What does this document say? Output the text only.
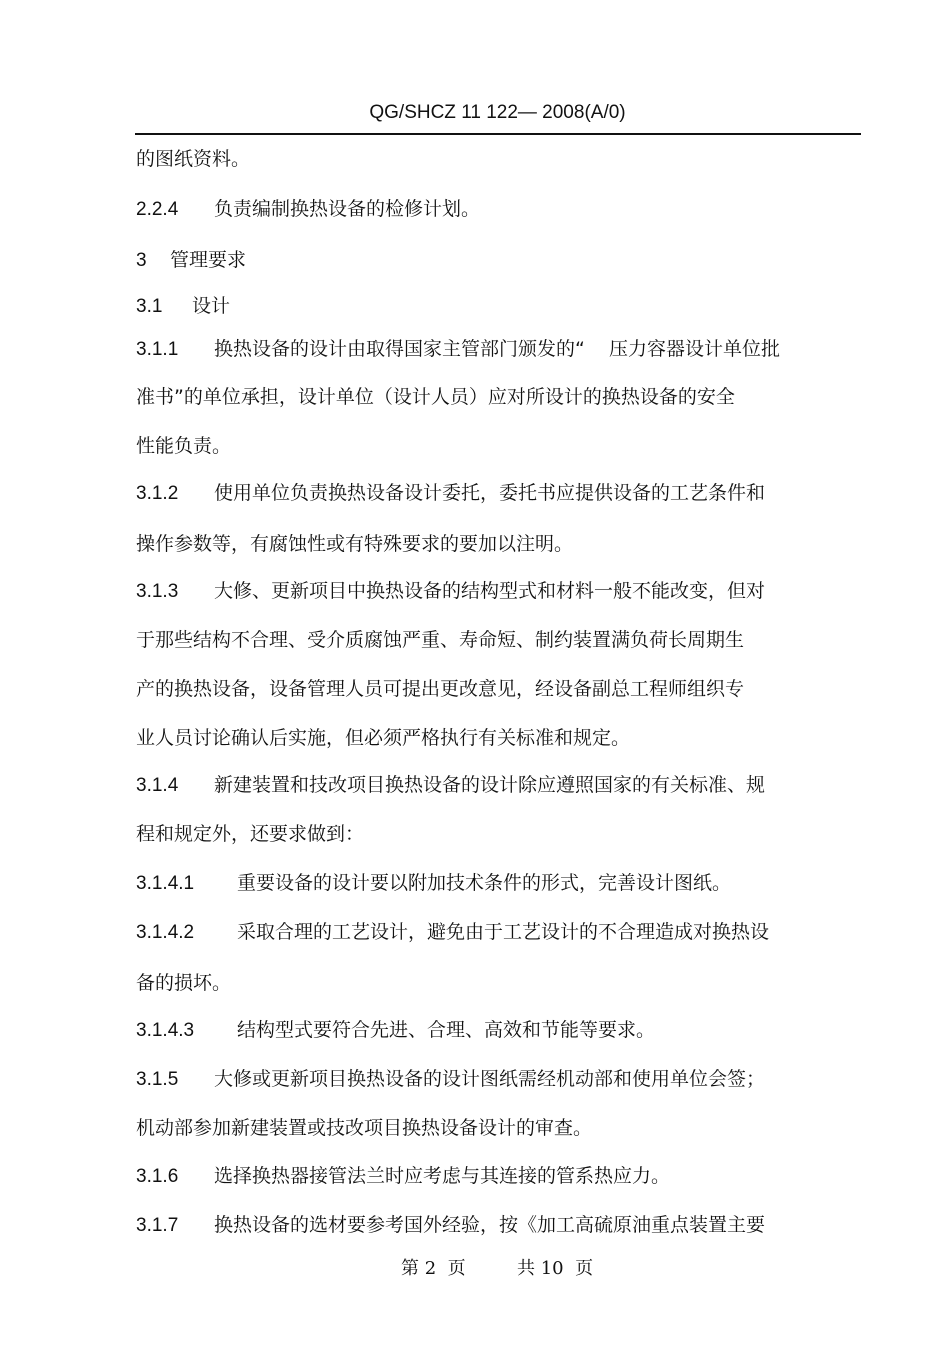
QG/SHCZ 11 122— 2008(A/0)
的图纸资料。
2.2.4 负责编制换热设备的检修计划。
3 管理要求
3.1 设计
3.1.1 换热设备的设计由取得国家主管部门颁发的“    压力容器设计单位批
准书”的单位承担，设计单位（设计人员）应对所设计的换热设备的安全
性能负责。
3.1.2 使用单位负责换热设备设计委托，委托书应提供设备的工艺条件和
操作参数等，有腐蚀性或有特殊要求的要加以注明。
3.1.3 大修、更新项目中换热设备的结构型式和材料一般不能改变，但对
于那些结构不合理、受介质腐蚀严重、寿命短、制约装置满负荷长周期生
产的换热设备，设备管理人员可提出更改意见，经设备副总工程师组织专
业人员讨论确认后实施，但必须严格执行有关标准和规定。
3.1.4 新建装置和技改项目换热设备的设计除应遵照国家的有关标准、规
程和规定外，还要求做到：
3.1.4.1 重要设备的设计要以附加技术条件的形式，完善设计图纸。
3.1.4.2 采取合理的工艺设计，避免由于工艺设计的不合理造成对换热设
备的损坏。
3.1.4.3 结构型式要符合先进、合理、高效和节能等要求。
3.1.5 大修或更新项目换热设备的设计图纸需经机动部和使用单位会签；
机动部参加新建装置或技改项目换热设备设计的审查。
3.1.6 选择换热器接管法兰时应考虑与其连接的管系热应力。
3.1.7 换热设备的选材要参考国外经验，按《加工高硫原油重点装置主要
第 2  页	共 10  页
